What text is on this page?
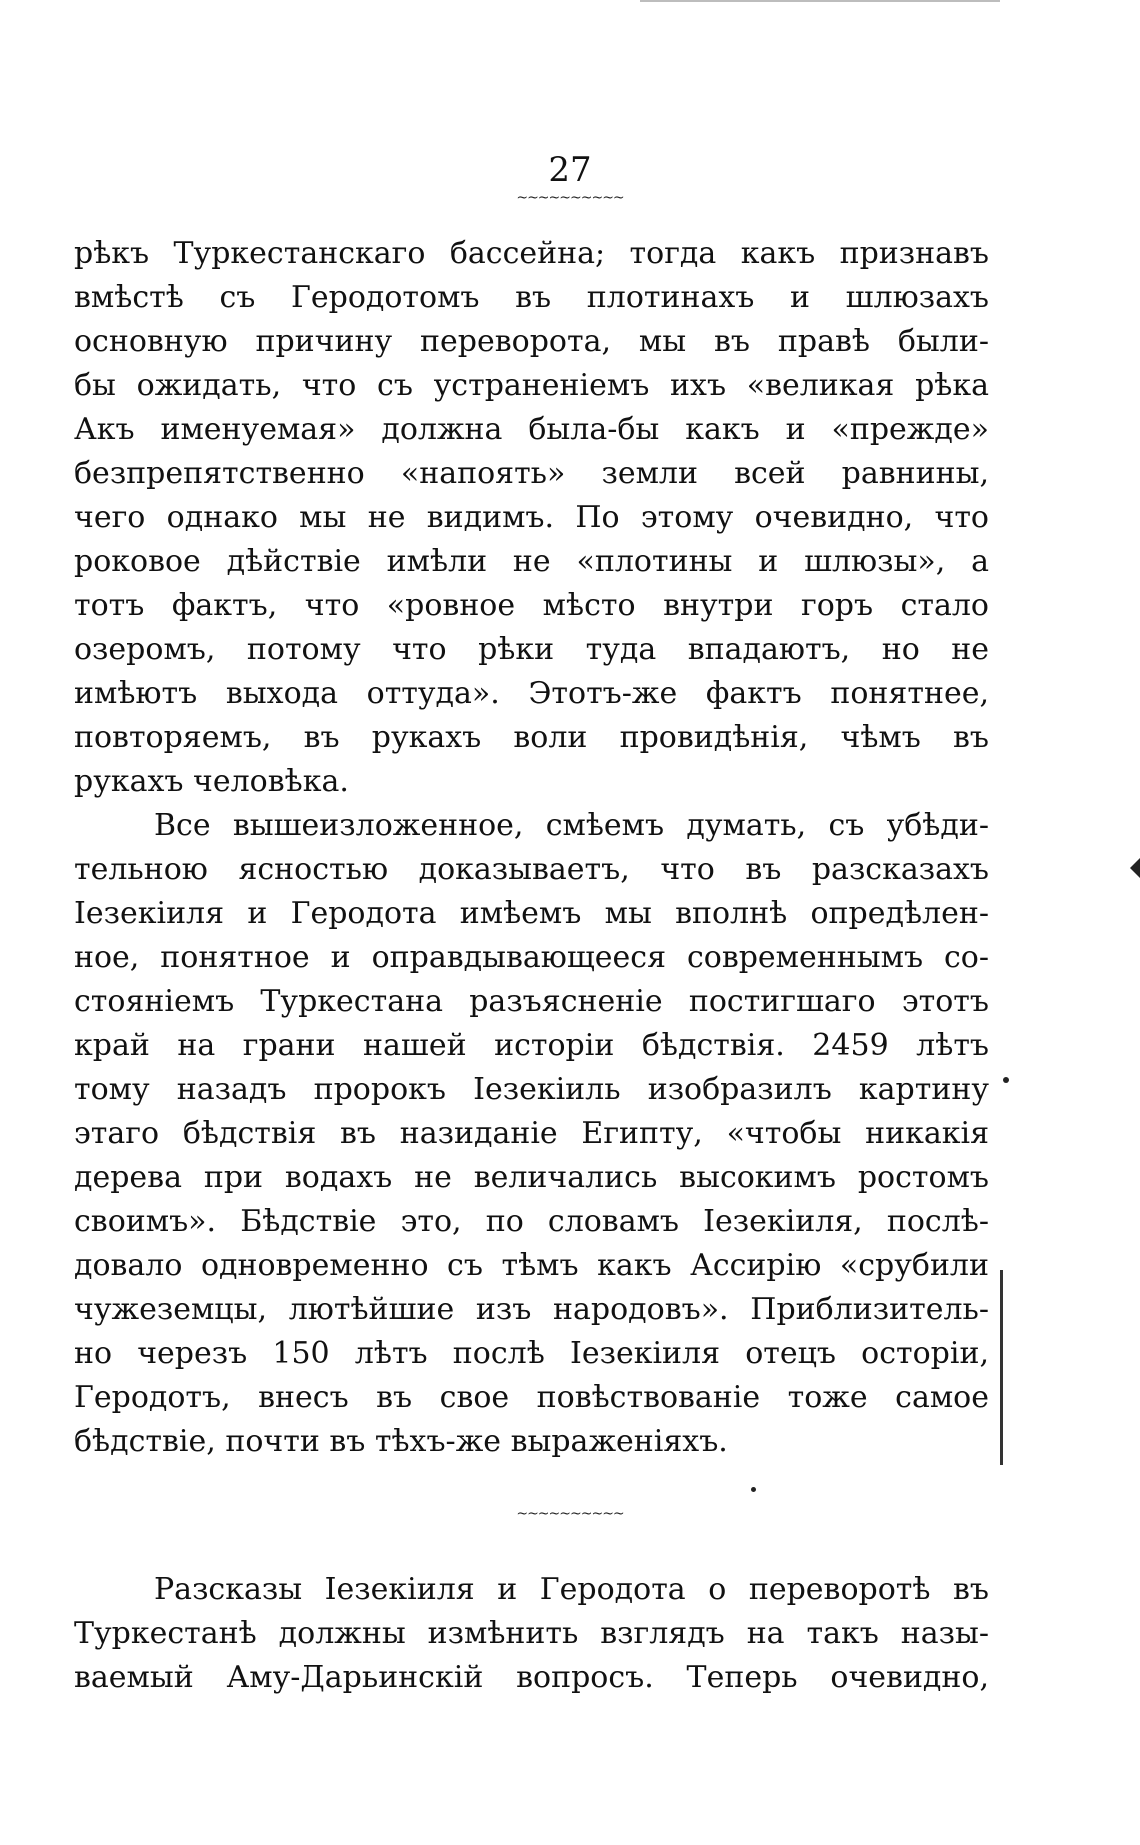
27
~~~~~~~~~~
рѣкъ Туркестанскаго бассейна; тогда какъ признавъ
вмѣстѣ съ Геродотомъ въ плотинахъ и шлюзахъ
основную причину переворота, мы въ правѣ были-
бы ожидать, что съ устраненіемъ ихъ «великая рѣка
Акъ именуемая» должна была-бы какъ и «прежде»
безпрепятственно «напоять» земли всей равнины,
чего однако мы не видимъ. По этому очевидно, что
роковое дѣйствіе имѣли не «плотины и шлюзы», а
тотъ фактъ, что «ровное мѣсто внутри горъ стало
озеромъ, потому что рѣки туда впадаютъ, но не
имѣютъ выхода оттуда». Этотъ-же фактъ понятнее,
повторяемъ, въ рукахъ воли провидѣнія, чѣмъ въ
рукахъ человѣка.
Все вышеизложенное, смѣемъ думать, съ убѣди-
тельною ясностью доказываетъ, что въ разсказахъ
Іезекіиля и Геродота имѣемъ мы вполнѣ опредѣлен-
ное, понятное и оправдывающееся современнымъ со-
стояніемъ Туркестана разъясненіе постигшаго этотъ
край на грани нашей исторіи бѣдствія. 2459 лѣтъ
тому назадъ пророкъ Іезекіиль изобразилъ картину
этаго бѣдствія въ назиданіе Египту, «чтобы никакія
дерева при водахъ не величались высокимъ ростомъ
своимъ». Бѣдствіе это, по словамъ Іезекіиля, послѣ-
довало одновременно съ тѣмъ какъ Ассирію «срубили
чужеземцы, лютѣйшие изъ народовъ». Приблизитель-
но черезъ 150 лѣтъ послѣ Іезекіиля отецъ осторіи,
Геродотъ, внесъ въ свое повѣствованіе тоже самое
бѣдствіе, почти въ тѣхъ-же выраженіяхъ.
~~~~~~~~~~
Разсказы Іезекіиля и Геродота о переворотѣ въ
Туркестанѣ должны измѣнить взглядъ на такъ назы-
ваемый Аму-Дарьинскій вопросъ. Теперь очевидно,
